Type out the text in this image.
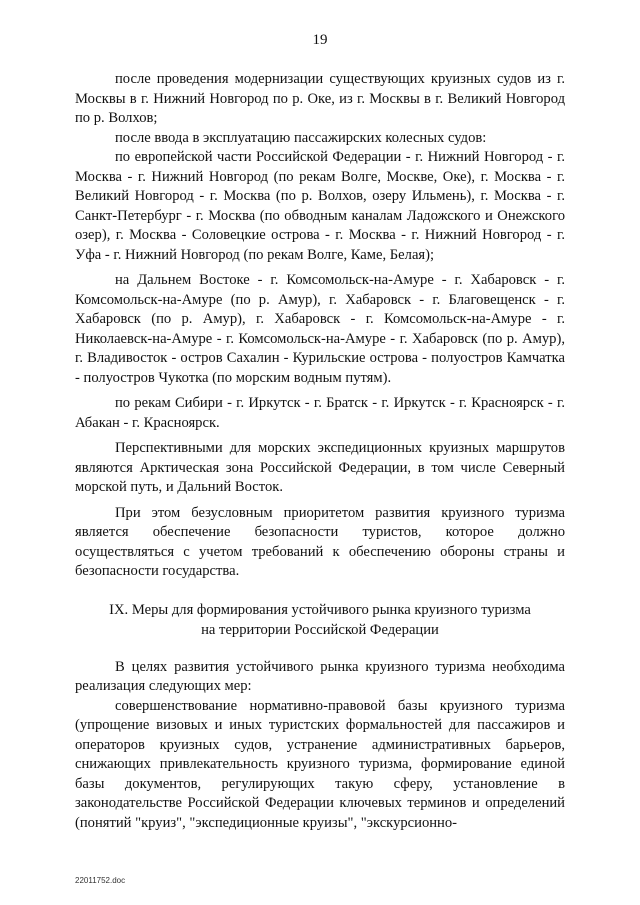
19

после проведения модернизации существующих круизных судов из г. Москвы в г. Нижний Новгород по р. Оке, из г. Москвы в г. Великий Новгород по р. Волхов;

после ввода в эксплуатацию пассажирских колесных судов:

по европейской части Российской Федерации - г. Нижний Новгород - г. Москва - г. Нижний Новгород (по рекам Волге, Москве, Оке), г. Москва - г. Великий Новгород - г. Москва (по р. Волхов, озеру Ильмень), г. Москва - г. Санкт-Петербург - г. Москва (по обводным каналам Ладожского и Онежского озер), г. Москва - Соловецкие острова - г. Москва - г. Нижний Новгород - г. Уфа - г. Нижний Новгород (по рекам Волге, Каме, Белая);

на Дальнем Востоке - г. Комсомольск-на-Амуре - г. Хабаровск - г. Комсомольск-на-Амуре (по р. Амур), г. Хабаровск - г. Благовещенск - г. Хабаровск (по р. Амур), г. Хабаровск - г. Комсомольск-на-Амуре - г. Николаевск-на-Амуре - г. Комсомольск-на-Амуре - г. Хабаровск (по р. Амур), г. Владивосток - остров Сахалин - Курильские острова - полуостров Камчатка - полуостров Чукотка (по морским водным путям).

по рекам Сибири - г. Иркутск - г. Братск - г. Иркутск - г. Красноярск - г. Абакан - г. Красноярск.

Перспективными для морских экспедиционных круизных маршрутов являются Арктическая зона Российской Федерации, в том числе Северный морской путь, и Дальний Восток.

При этом безусловным приоритетом развития круизного туризма является обеспечение безопасности туристов, которое должно осуществляться с учетом требований к обеспечению обороны страны и безопасности государства.

IX. Меры для формирования устойчивого рынка круизного туризма
на территории Российской Федерации

В целях развития устойчивого рынка круизного туризма необходима реализация следующих мер:

совершенствование нормативно-правовой базы круизного туризма (упрощение визовых и иных туристских формальностей для пассажиров и операторов круизных судов, устранение административных барьеров, снижающих привлекательность круизного туризма, формирование единой базы документов, регулирующих такую сферу, установление в законодательстве Российской Федерации ключевых терминов и определений (понятий "круиз", "экспедиционные круизы", "экскурсионно-

22011752.doc
